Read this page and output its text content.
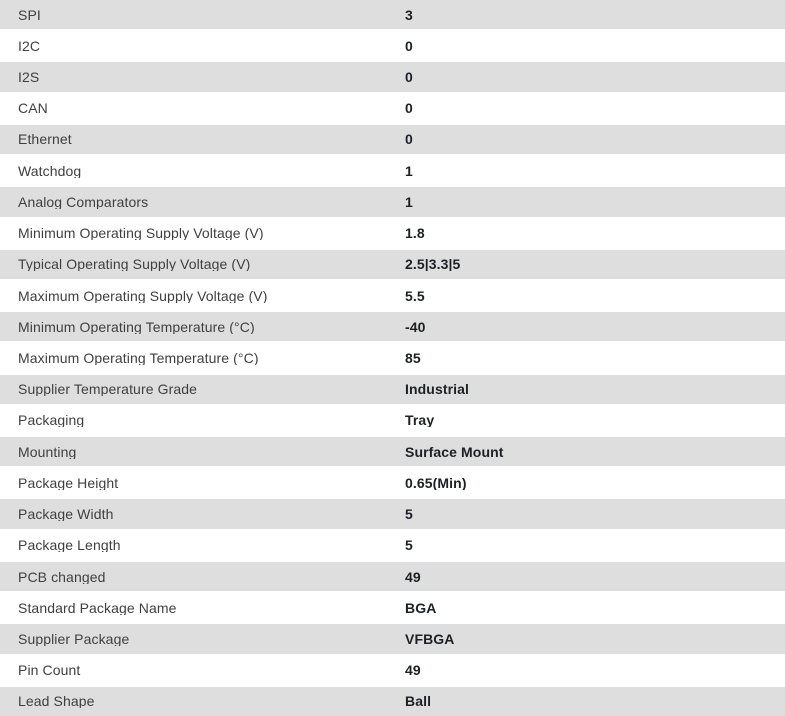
SPI	3
I2C	0
I2S	0
CAN	0
Ethernet	0
Watchdog	1
Analog Comparators	1
Minimum Operating Supply Voltage (V)	1.8
Typical Operating Supply Voltage (V)	2.5|3.3|5
Maximum Operating Supply Voltage (V)	5.5
Minimum Operating Temperature (°C)	-40
Maximum Operating Temperature (°C)	85
Supplier Temperature Grade	Industrial
Packaging	Tray
Mounting	Surface Mount
Package Height	0.65(Min)
Package Width	5
Package Length	5
PCB changed	49
Standard Package Name	BGA
Supplier Package	VFBGA
Pin Count	49
Lead Shape	Ball
